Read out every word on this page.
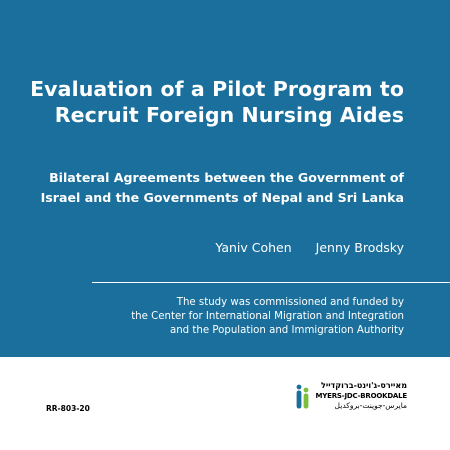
Evaluation of a Pilot Program to
Recruit Foreign Nursing Aides
Bilateral Agreements between the Government of
Israel and the Governments of Nepal and Sri Lanka
Yaniv Cohen Jenny Brodsky
The study was commissioned and funded by
the Center for International Migration and Integration
and the Population and Immigration Authority
RR-803-20
מאיירס-ג'וינט-ברוקדייל
MYERS-JDC-BROOKDALE
مايرس-جوينت-بروكديل
